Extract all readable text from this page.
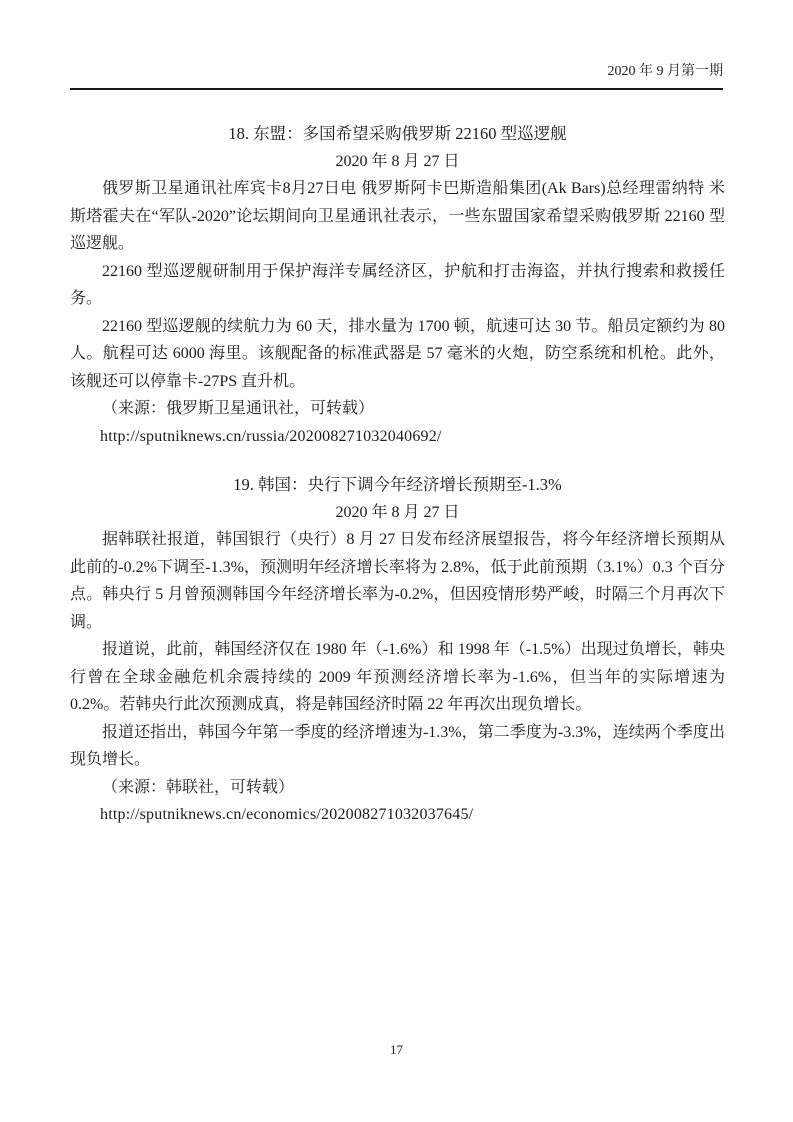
2020 年 9 月第一期
18. 东盟：多国希望采购俄罗斯 22160 型巡逻舰
2020 年 8 月 27 日

俄罗斯卫星通讯社库宾卡8月27日电 俄罗斯阿卡巴斯造船集团(Ak Bars)总经理雷纳特 米斯塔霍夫在“军队-2020”论坛期间向卫星通讯社表示，一些东盟国家希望采购俄罗斯 22160 型巡逻舰。

22160 型巡逻舰研制用于保护海洋专属经济区，护航和打击海盗，并执行搜索和救援任务。

22160 型巡逻舰的续航力为 60 天，排水量为 1700 顿，航速可达 30 节。船员定额约为 80 人。航程可达 6000 海里。该舰配备的标准武器是 57 毫米的火炮，防空系统和机枪。此外，该舰还可以停靠卡-27PS 直升机。

（来源：俄罗斯卫星通讯社，可转载）

http://sputniknews.cn/russia/202008271032040692/

19. 韩国：央行下调今年经济增长预期至-1.3%
2020 年 8 月 27 日

据韩联社报道，韩国银行（央行）8 月 27 日发布经济展望报告，将今年经济增长预期从此前的-0.2%下调至-1.3%，预测明年经济增长率将为 2.8%，低于此前预期（3.1%）0.3 个百分点。韩央行 5 月曾预测韩国今年经济增长率为-0.2%，但因疫情形势严峻，时隔三个月再次下调。

报道说，此前，韩国经济仅在 1980 年（-1.6%）和 1998 年（-1.5%）出现过负增长，韩央行曾在全球金融危机余震持续的 2009 年预测经济增长率为-1.6%，但当年的实际增速为 0.2%。若韩央行此次预测成真，将是韩国经济时隔 22 年再次出现负增长。

报道还指出，韩国今年第一季度的经济增速为-1.3%，第二季度为-3.3%，连续两个季度出现负增长。

（来源：韩联社，可转载）

http://sputniknews.cn/economics/202008271032037645/

17
